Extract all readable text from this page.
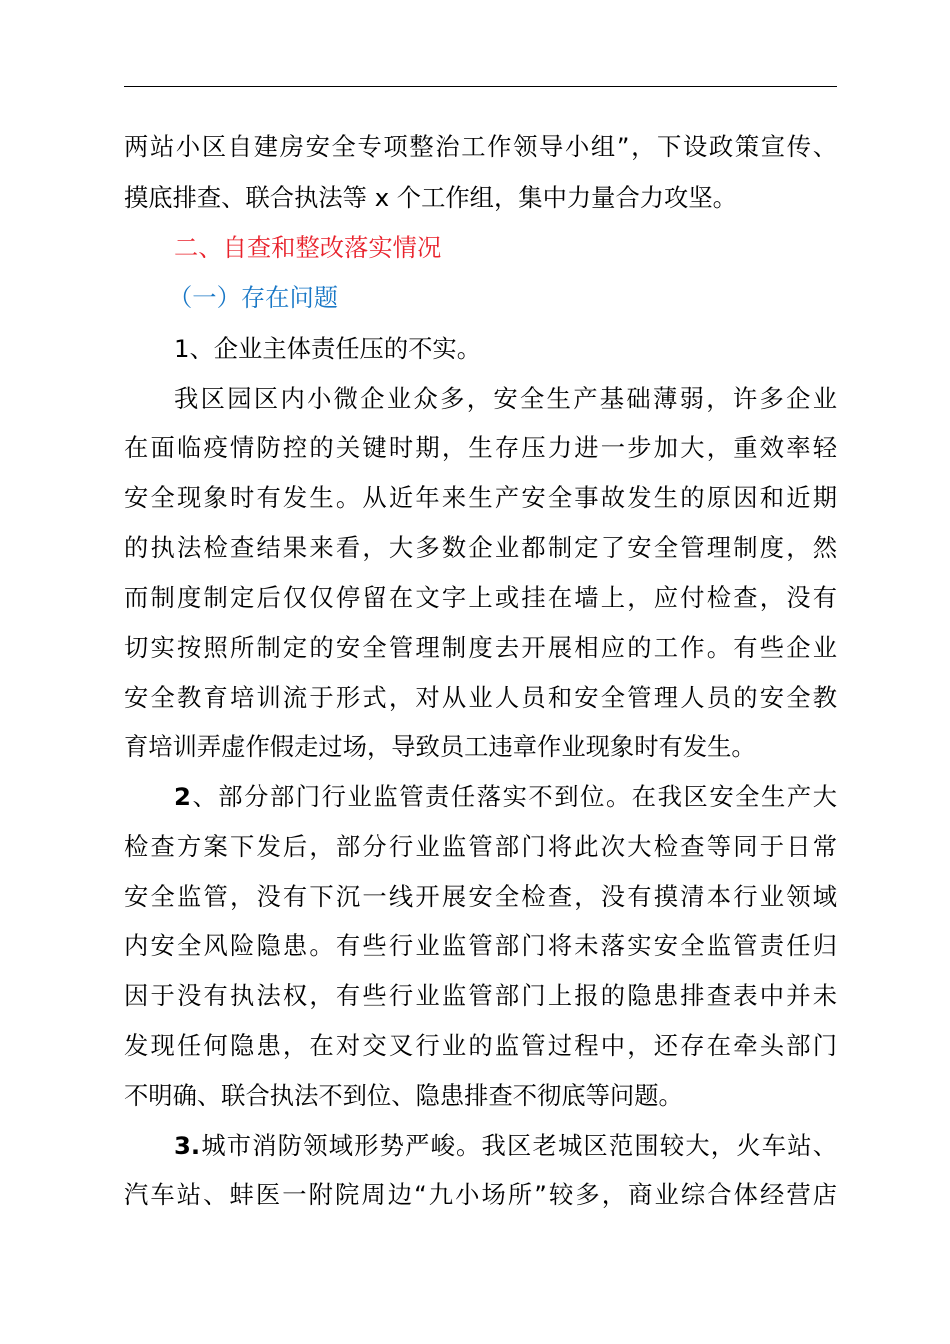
两站小区自建房安全专项整治工作领导小组”，下设政策宣传、
摸底排查、联合执法等 x 个工作组，集中力量合力攻坚。
二、自查和整改落实情况
（一）存在问题
1、企业主体责任压的不实。
我区园区内小微企业众多，安全生产基础薄弱，许多企业
在面临疫情防控的关键时期，生存压力进一步加大，重效率轻
安全现象时有发生。从近年来生产安全事故发生的原因和近期
的执法检查结果来看，大多数企业都制定了安全管理制度，然
而制度制定后仅仅停留在文字上或挂在墙上，应付检查，没有
切实按照所制定的安全管理制度去开展相应的工作。有些企业
安全教育培训流于形式，对从业人员和安全管理人员的安全教
育培训弄虚作假走过场，导致员工违章作业现象时有发生。
2、部分部门行业监管责任落实不到位。在我区安全生产大
检查方案下发后，部分行业监管部门将此次大检查等同于日常
安全监管，没有下沉一线开展安全检查，没有摸清本行业领域
内安全风险隐患。有些行业监管部门将未落实安全监管责任归
因于没有执法权，有些行业监管部门上报的隐患排查表中并未
发现任何隐患，在对交叉行业的监管过程中，还存在牵头部门
不明确、联合执法不到位、隐患排查不彻底等问题。
3.城市消防领域形势严峻。我区老城区范围较大，火车站、
汽车站、蚌医一附院周边“九小场所”较多，商业综合体经营店
